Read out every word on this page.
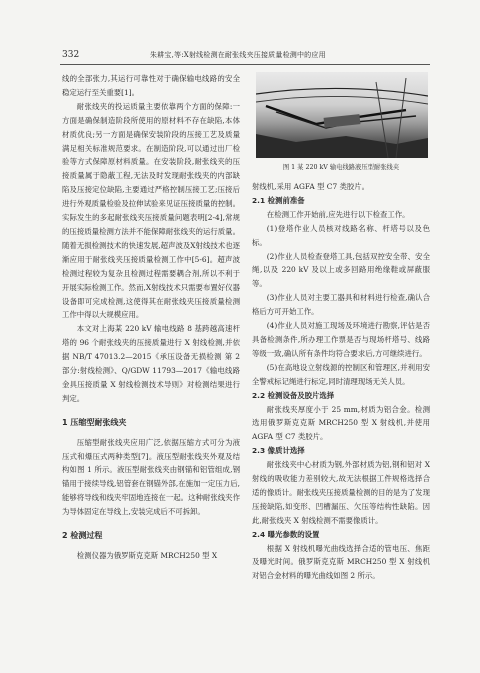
332	朱耕宝,等:X射线检测在耐张线夹压接质量检测中的应用

线的全部张力,其运行可靠性对于确保输电线路的安全稳定运行至关重要[1]。

耐张线夹的投运质量主要依靠两个方面的保障:一方面是确保制造阶段所使用的原材料不存在缺陷,本体材质优良;另一方面是确保安装阶段的压接工艺及质量满足相关标准规范要求。在制造阶段,可以通过出厂检验等方式保障原材料质量。在安装阶段,耐张线夹的压接质量属于隐蔽工程,无法及时发现耐张线夹的内部缺陷及压接定位缺陷,主要通过严格控制压接工艺;压接后进行外观质量检验及拉伸试验来见证压接质量的控制。实际发生的多起耐张线夹压接质量问题表明[2-4],常规的压接质量检测方法并不能保障耐张线夹的运行质量。随着无损检测技术的快速发展,超声波及X射线技术也逐渐应用于耐张线夹压接质量检测工作中[5-6]。超声波检测过程较为复杂且检测过程需要耦合剂,所以不利于开展实际检测工作。然而,X射线技术只需要布置好仪器设备即可完成检测,这使得其在耐张线夹压接质量检测工作中得以大规模应用。

本文对上海某 220 kV 输电线路 8 基跨越高速杆塔的 96 个耐张线夹的压接质量进行 X 射线检测,并依据 NB/T 47013.2—2015《承压设备无损检测 第 2 部分:射线检测》、Q/GDW 11793—2017《输电线路金具压接质量 X 射线检测技术导则》对检测结果进行判定。

1 压缩型耐张线夹

压缩型耐张线夹应用广泛,依据压缩方式可分为液压式和爆压式两种类型[7]。液压型耐张线夹外观及结构如图 1 所示。液压型耐张线夹由钢锚和铝管组成,钢锚用于接续导线,铝管套在钢锚外部,在施加一定压力后,能够将导线和线夹牢固地连接在一起。这种耐张线夹作为导体固定在导线上,安装完成后不可拆卸。

2 检测过程

检测仪器为俄罗斯克克斯 MRCH250 型 X

图 1 某 220 kV 输电线路液压型耐张线夹

射线机,采用 AGFA 型 C7 类胶片。

2.1 检测前准备

在检测工作开始前,应先进行以下检查工作。

(1)登塔作业人员核对线路名称、杆塔号以及色标。

(2)作业人员检查登塔工具,包括双控安全带、安全绳,以及 220 kV 及以上或多回路用绝缘鞋或屏蔽服等。

(3)作业人员对主要工器具和材料进行检查,确认合格后方可开始工作。

(4)作业人员对施工现场及环境进行勘察,评估是否具备检测条件,所办理工作票是否与现场杆塔号、线路等级一致,确认所有条件均符合要求后,方可继续进行。

(5)在高地设立射线源的控制区和管理区,并利用安全警戒标记绳进行标定,同时清理现场无关人员。

2.2 检测设备及胶片选择

耐张线夹厚度小于 25 mm,材质为铝合金。检测选用俄罗斯克克斯 MRCH250 型 X 射线机,并使用 AGFA 型 C7 类胶片。

2.3 像质计选择

耐张线夹中心材质为钢,外部材质为铝,钢和铝对 X 射线的吸收能力差别较大,故无法根据工件规格选择合适的像质计。耐张线夹压接质量检测的目的是为了发现压接缺陷,如变形、凹槽漏压、欠压等结构性缺陷。因此,耐张线夹 X 射线检测不需要像质计。

2.4 曝光参数的设置

根据 X 射线机曝光曲线选择合适的管电压、焦距及曝光时间。俄罗斯克克斯 MRCH250 型 X 射线机对铝合金材料的曝光曲线如图 2 所示。
